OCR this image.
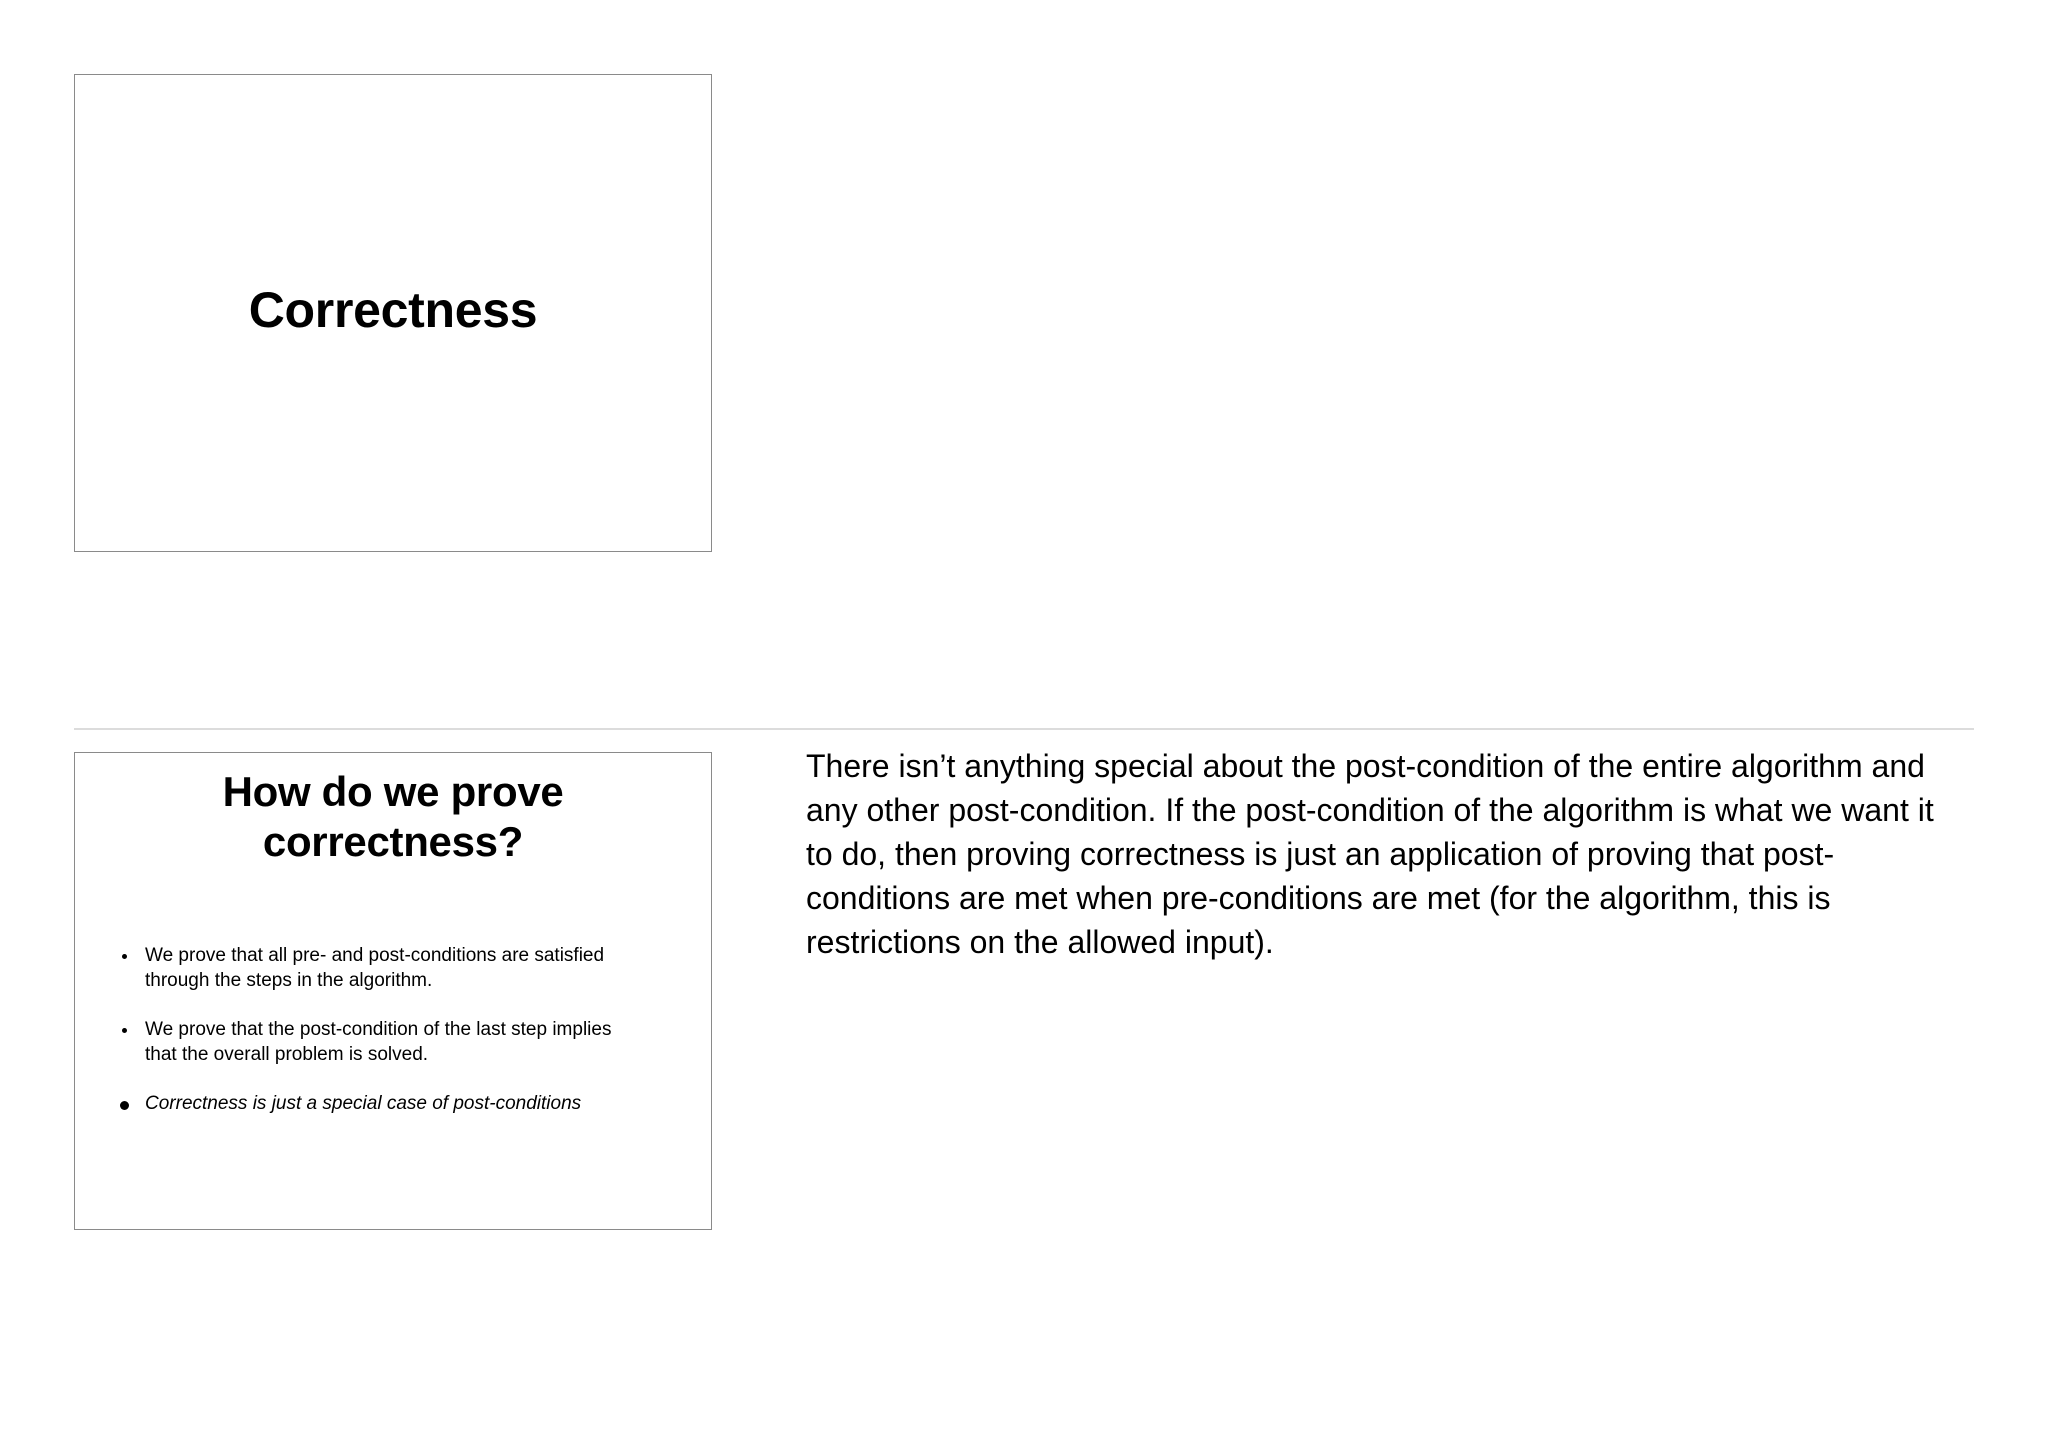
Correctness
How do we prove
correctness?
We prove that all pre- and post-conditions are satisfied
through the steps in the algorithm.
We prove that the post-condition of the last step implies
that the overall problem is solved.
Correctness is just a special case of post-conditions

There isn’t anything special about the post-condition of the entire algorithm and
any other post-condition. If the post-condition of the algorithm is what we want it
to do, then proving correctness is just an application of proving that post-
conditions are met when pre-conditions are met (for the algorithm, this is
restrictions on the allowed input).
